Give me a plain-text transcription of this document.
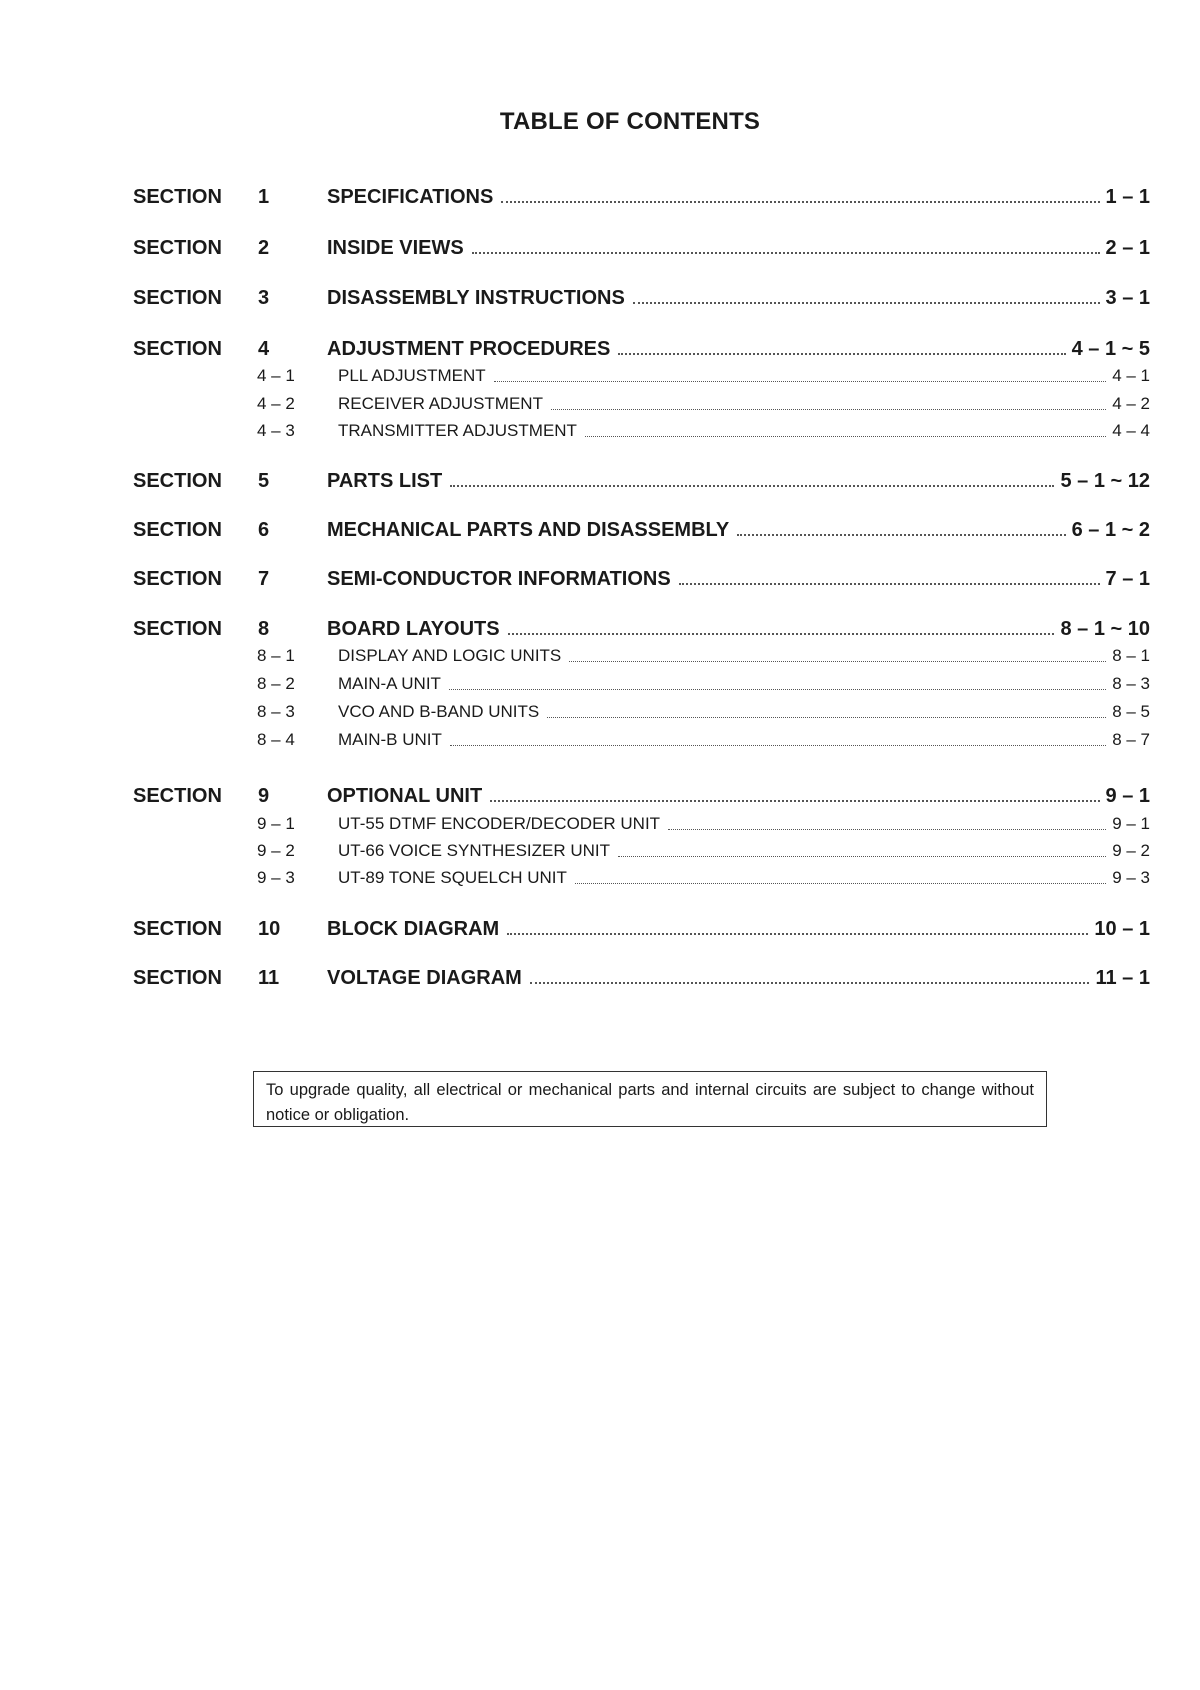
TABLE OF CONTENTS
SECTION 1	SPECIFICATIONS	1 – 1
SECTION 2	INSIDE VIEWS	2 – 1
SECTION 3	DISASSEMBLY INSTRUCTIONS	3 – 1
SECTION 4	ADJUSTMENT PROCEDURES	4 – 1 ~ 5
4 – 1	PLL ADJUSTMENT	4 – 1
4 – 2	RECEIVER ADJUSTMENT	4 – 2
4 – 3	TRANSMITTER ADJUSTMENT	4 – 4
SECTION 5	PARTS LIST	5 – 1 ~ 12
SECTION 6	MECHANICAL PARTS AND DISASSEMBLY	6 – 1 ~ 2
SECTION 7	SEMI-CONDUCTOR INFORMATIONS	7 – 1
SECTION 8	BOARD LAYOUTS	8 – 1 ~ 10
8 – 1	DISPLAY AND LOGIC UNITS	8 – 1
8 – 2	MAIN-A UNIT	8 – 3
8 – 3	VCO AND B-BAND UNITS	8 – 5
8 – 4	MAIN-B UNIT	8 – 7
SECTION 9	OPTIONAL UNIT	9 – 1
9 – 1	UT-55 DTMF ENCODER/DECODER UNIT	9 – 1
9 – 2	UT-66 VOICE SYNTHESIZER UNIT	9 – 2
9 – 3	UT-89 TONE SQUELCH UNIT	9 – 3
SECTION 10 BLOCK DIAGRAM	10 – 1
SECTION 11 VOLTAGE DIAGRAM	11 – 1
To upgrade quality, all electrical or mechanical parts and internal circuits are subject to change without notice or obligation.
